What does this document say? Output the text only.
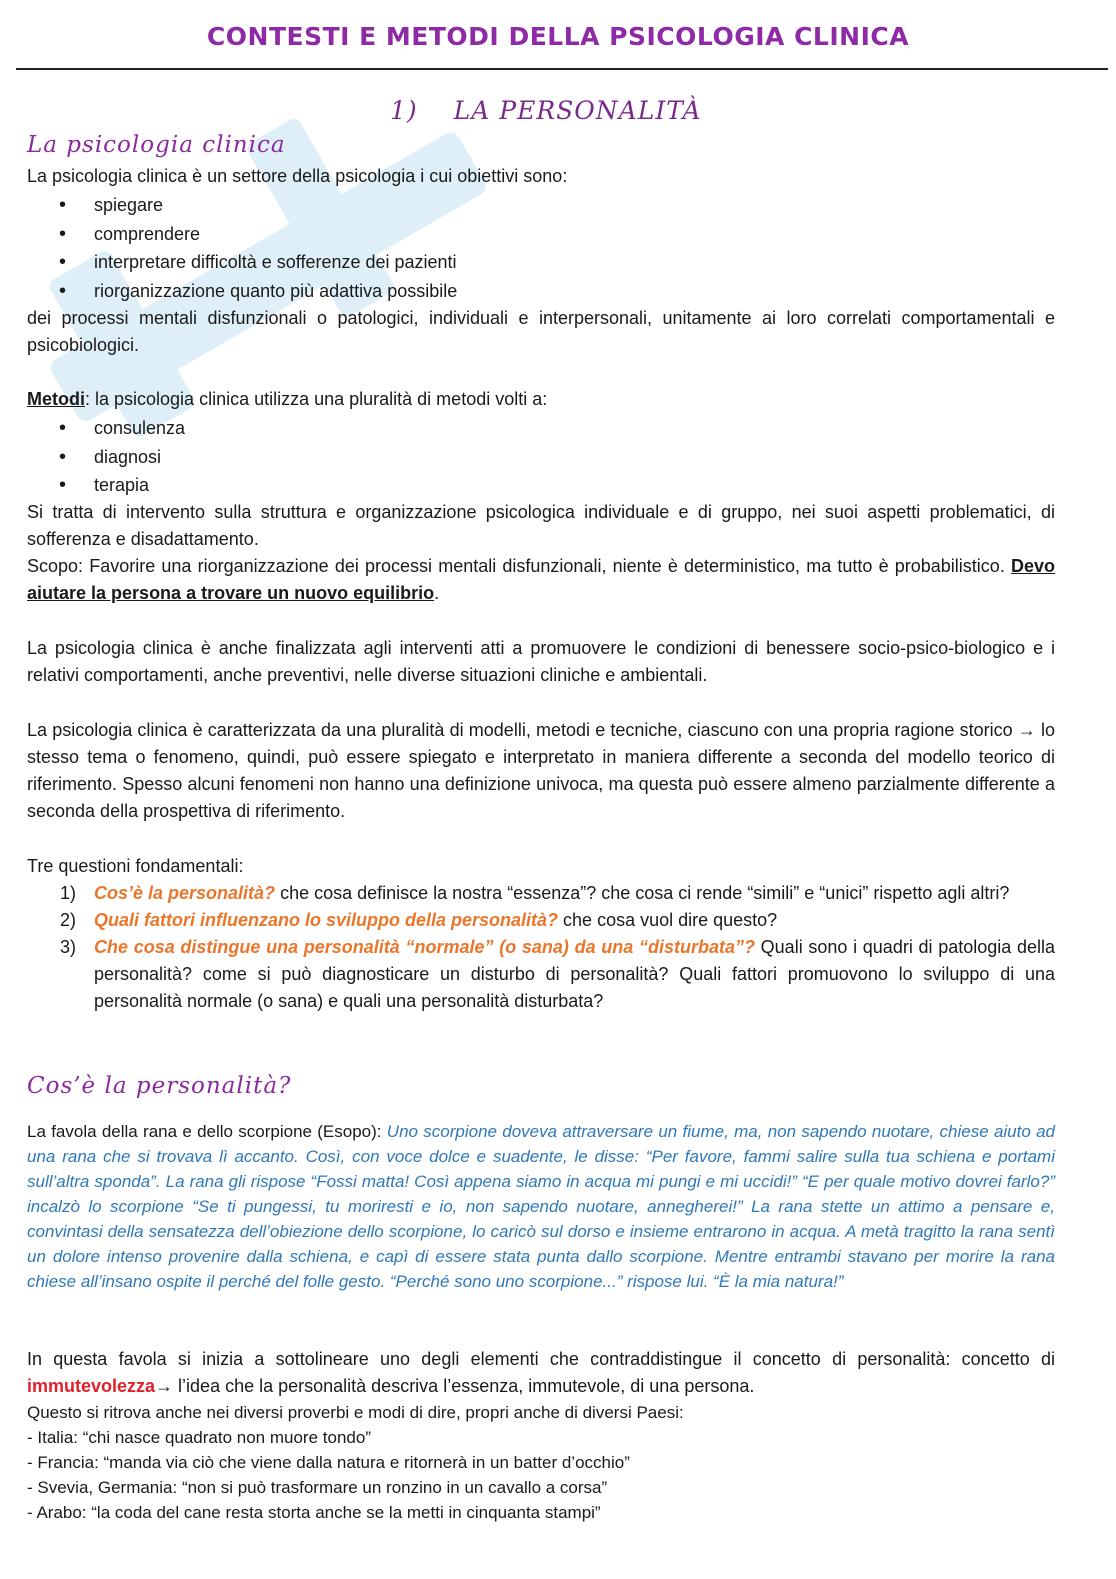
CONTESTI E METODI DELLA PSICOLOGIA CLINICA
1) LA PERSONALITÀ
La psicologia clinica
La psicologia clinica è un settore della psicologia i cui obiettivi sono:
• spiegare
• comprendere
• interpretare difficoltà e sofferenze dei pazienti
• riorganizzazione quanto più adattiva possibile
dei processi mentali disfunzionali o patologici, individuali e interpersonali, unitamente ai loro correlati comportamentali e psicobiologici.
Metodi: la psicologia clinica utilizza una pluralità di metodi volti a:
• consulenza
• diagnosi
• terapia
Si tratta di intervento sulla struttura e organizzazione psicologica individuale e di gruppo, nei suoi aspetti problematici, di sofferenza e disadattamento.
Scopo: Favorire una riorganizzazione dei processi mentali disfunzionali, niente è deterministico, ma tutto è probabilistico. Devo aiutare la persona a trovare un nuovo equilibrio.
La psicologia clinica è anche finalizzata agli interventi atti a promuovere le condizioni di benessere socio-psico-biologico e i relativi comportamenti, anche preventivi, nelle diverse situazioni cliniche e ambientali.
La psicologia clinica è caratterizzata da una pluralità di modelli, metodi e tecniche, ciascuno con una propria ragione storico → lo stesso tema o fenomeno, quindi, può essere spiegato e interpretato in maniera differente a seconda del modello teorico di riferimento. Spesso alcuni fenomeni non hanno una definizione univoca, ma questa può essere almeno parzialmente differente a seconda della prospettiva di riferimento.
Tre questioni fondamentali:
1) Cos’è la personalità? che cosa definisce la nostra “essenza”? che cosa ci rende “simili” e “unici” rispetto agli altri?
2) Quali fattori influenzano lo sviluppo della personalità? che cosa vuol dire questo?
3) Che cosa distingue una personalità “normale” (o sana) da una “disturbata”? Quali sono i quadri di patologia della personalità? come si può diagnosticare un disturbo di personalità? Quali fattori promuovono lo sviluppo di una personalità normale (o sana) e quali una personalità disturbata?
Cos’è la personalità?
La favola della rana e dello scorpione (Esopo): Uno scorpione doveva attraversare un fiume, ma, non sapendo nuotare, chiese aiuto ad una rana che si trovava lì accanto. Così, con voce dolce e suadente, le disse: “Per favore, fammi salire sulla tua schiena e portami sull’altra sponda”. La rana gli rispose “Fossi matta! Così appena siamo in acqua mi pungi e mi uccidi!” “E per quale motivo dovrei farlo?” incalzò lo scorpione “Se ti pungessi, tu moriresti e io, non sapendo nuotare, annegherei!” La rana stette un attimo a pensare e, convintasi della sensatezza dell’obiezione dello scorpione, lo caricò sul dorso e insieme entrarono in acqua. A metà tragitto la rana sentì un dolore intenso provenire dalla schiena, e capì di essere stata punta dallo scorpione. Mentre entrambi stavano per morire la rana chiese all’insano ospite il perché del folle gesto. “Perché sono uno scorpione...” rispose lui. “È la mia natura!”
In questa favola si inizia a sottolineare uno degli elementi che contraddistingue il concetto di personalità: concetto di immutevolezza→ l’idea che la personalità descriva l’essenza, immutevole, di una persona.
Questo si ritrova anche nei diversi proverbi e modi di dire, propri anche di diversi Paesi:
- Italia: “chi nasce quadrato non muore tondo”
- Francia: “manda via ciò che viene dalla natura e ritornerà in un batter d’occhio”
- Svevia, Germania: “non si può trasformare un ronzino in un cavallo a corsa”
- Arabo: “la coda del cane resta storta anche se la metti in cinquanta stampi”
